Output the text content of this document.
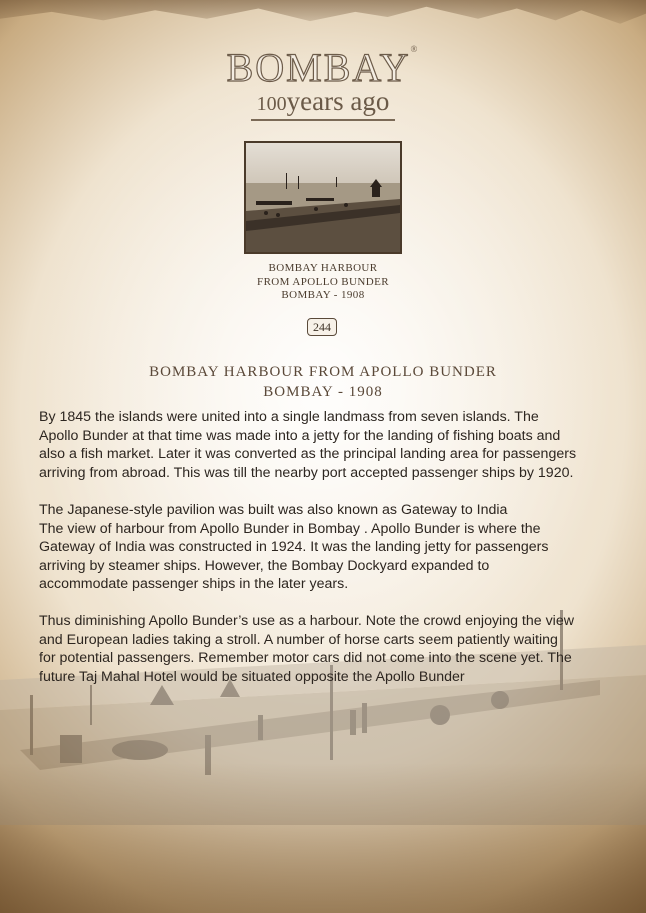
BOMBAY®
100years ago
BOMBAY HARBOUR
FROM APOLLO BUNDER
BOMBAY - 1908
244
BOMBAY HARBOUR FROM APOLLO BUNDER
BOMBAY - 1908

By 1845 the islands were united into a single landmass from seven islands. The

Apollo Bunder at that time was made into a jetty for the landing of fishing boats and

also a fish market. Later it was converted as the principal landing area for passengers

arriving from abroad. This was till the nearby port accepted passenger ships by 1920.

The Japanese-style pavilion was built was also known as Gateway to India

The view of harbour from Apollo Bunder in Bombay . Apollo Bunder is where the

Gateway of India was constructed in 1924. It was the landing jetty for passengers

arriving by steamer ships. However, the Bombay Dockyard expanded to

accommodate passenger ships in the later years.

Thus diminishing Apollo Bunder’s use as a harbour. Note the crowd enjoying the view

and European ladies taking a stroll. A number of horse carts seem patiently waiting

for potential passengers. Remember motor cars did not come into the scene yet. The

future Taj Mahal Hotel would be situated opposite the Apollo Bunder
